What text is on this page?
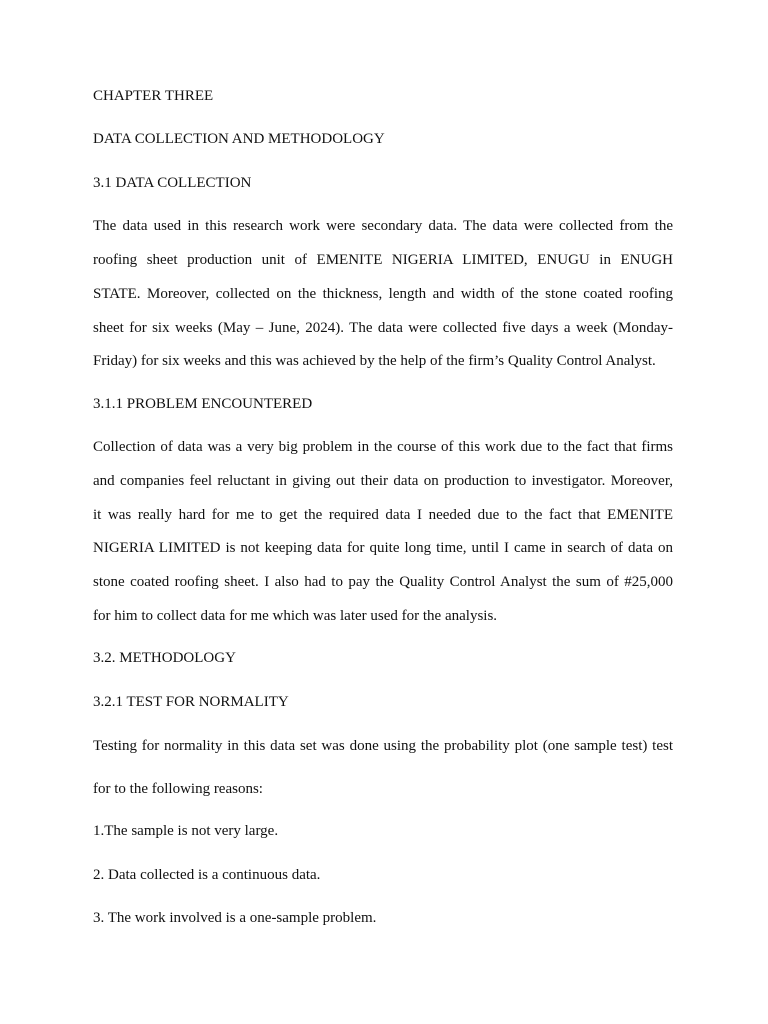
CHAPTER THREE
DATA COLLECTION AND METHODOLOGY
3.1 DATA COLLECTION
The data used in this research work were secondary data. The data were collected from the
roofing sheet production unit of EMENITE NIGERIA LIMITED, ENUGU in ENUGH
STATE. Moreover, collected on the thickness, length and width of the stone coated roofing
sheet for six weeks (May – June, 2024). The data were collected five days a week (Monday-
Friday) for six weeks and this was achieved by the help of the firm’s Quality Control Analyst.
3.1.1 PROBLEM ENCOUNTERED
Collection of data was a very big problem in the course of this work due to the fact that firms
and companies feel reluctant in giving out their data on production to investigator. Moreover,
it was really hard for me to get the required data I needed due to the fact that EMENITE
NIGERIA LIMITED is not keeping data for quite long time, until I came in search of data on
stone coated roofing sheet. I also had to pay the Quality Control Analyst the sum of #25,000
for him to collect data for me which was later used for the analysis.
3.2. METHODOLOGY
3.2.1 TEST FOR NORMALITY
Testing for normality in this data set was done using the probability plot (one sample test) test
for to the following reasons:
1.The sample is not very large.
2. Data collected is a continuous data.
3. The work involved is a one-sample problem.
